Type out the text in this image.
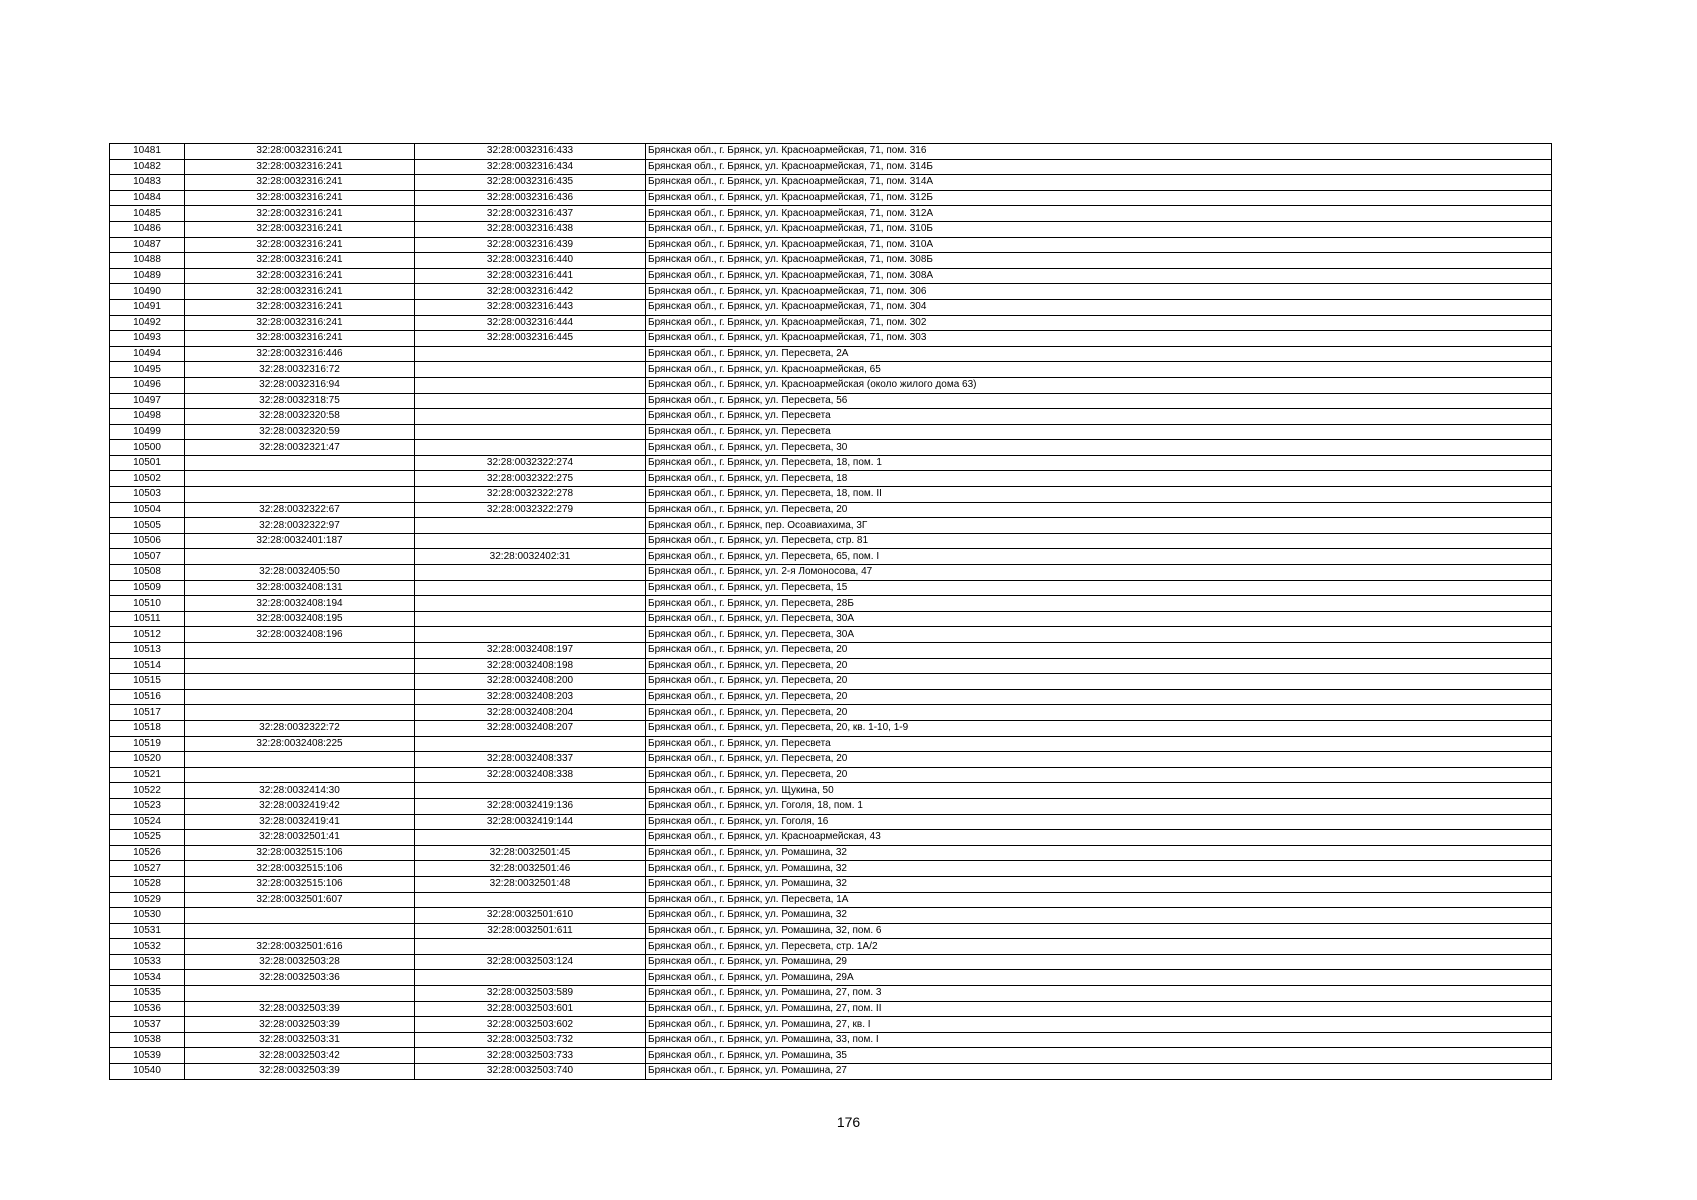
10481	32:28:0032316:241	32:28:0032316:433	Брянская обл., г. Брянск, ул. Красноармейская, 71, пом. 316
10482	32:28:0032316:241	32:28:0032316:434	Брянская обл., г. Брянск, ул. Красноармейская, 71, пом. 314Б
10483	32:28:0032316:241	32:28:0032316:435	Брянская обл., г. Брянск, ул. Красноармейская, 71, пом. 314А
10484	32:28:0032316:241	32:28:0032316:436	Брянская обл., г. Брянск, ул. Красноармейская, 71, пом. 312Б
10485	32:28:0032316:241	32:28:0032316:437	Брянская обл., г. Брянск, ул. Красноармейская, 71, пом. 312А
10486	32:28:0032316:241	32:28:0032316:438	Брянская обл., г. Брянск, ул. Красноармейская, 71, пом. 310Б
10487	32:28:0032316:241	32:28:0032316:439	Брянская обл., г. Брянск, ул. Красноармейская, 71, пом. 310А
10488	32:28:0032316:241	32:28:0032316:440	Брянская обл., г. Брянск, ул. Красноармейская, 71, пом. 308Б
10489	32:28:0032316:241	32:28:0032316:441	Брянская обл., г. Брянск, ул. Красноармейская, 71, пом. 308А
10490	32:28:0032316:241	32:28:0032316:442	Брянская обл., г. Брянск, ул. Красноармейская, 71, пом. 306
10491	32:28:0032316:241	32:28:0032316:443	Брянская обл., г. Брянск, ул. Красноармейская, 71, пом. 304
10492	32:28:0032316:241	32:28:0032316:444	Брянская обл., г. Брянск, ул. Красноармейская, 71, пом. 302
10493	32:28:0032316:241	32:28:0032316:445	Брянская обл., г. Брянск, ул. Красноармейская, 71, пом. 303
10494	32:28:0032316:446		Брянская обл., г. Брянск, ул. Пересвета, 2А
10495	32:28:0032316:72		Брянская обл., г. Брянск, ул. Красноармейская, 65
10496	32:28:0032316:94		Брянская обл., г. Брянск, ул. Красноармейская (около жилого дома 63)
10497	32:28:0032318:75		Брянская обл., г. Брянск, ул. Пересвета, 56
10498	32:28:0032320:58		Брянская обл., г. Брянск, ул. Пересвета
10499	32:28:0032320:59		Брянская обл., г. Брянск, ул. Пересвета
10500	32:28:0032321:47		Брянская обл., г. Брянск, ул. Пересвета, 30
10501		32:28:0032322:274	Брянская обл., г. Брянск, ул. Пересвета, 18, пом. 1
10502		32:28:0032322:275	Брянская обл., г. Брянск, ул. Пересвета, 18
10503		32:28:0032322:278	Брянская обл., г. Брянск, ул. Пересвета, 18, пом. II
10504	32:28:0032322:67	32:28:0032322:279	Брянская обл., г. Брянск, ул. Пересвета, 20
10505	32:28:0032322:97		Брянская обл., г. Брянск, пер. Осоавиахима, 3Г
10506	32:28:0032401:187		Брянская обл., г. Брянск, ул. Пересвета, стр. 81
10507		32:28:0032402:31	Брянская обл., г. Брянск, ул. Пересвета, 65, пом. I
10508	32:28:0032405:50		Брянская обл., г. Брянск, ул. 2-я Ломоносова, 47
10509	32:28:0032408:131		Брянская обл., г. Брянск, ул. Пересвета, 15
10510	32:28:0032408:194		Брянская обл., г. Брянск, ул. Пересвета, 28Б
10511	32:28:0032408:195		Брянская обл., г. Брянск, ул. Пересвета, 30А
10512	32:28:0032408:196		Брянская обл., г. Брянск, ул. Пересвета, 30А
10513		32:28:0032408:197	Брянская обл., г. Брянск, ул. Пересвета, 20
10514		32:28:0032408:198	Брянская обл., г. Брянск, ул. Пересвета, 20
10515		32:28:0032408:200	Брянская обл., г. Брянск, ул. Пересвета, 20
10516		32:28:0032408:203	Брянская обл., г. Брянск, ул. Пересвета, 20
10517		32:28:0032408:204	Брянская обл., г. Брянск, ул. Пересвета, 20
10518	32:28:0032322:72	32:28:0032408:207	Брянская обл., г. Брянск, ул. Пересвета, 20, кв. 1-10, 1-9
10519	32:28:0032408:225		Брянская обл., г. Брянск, ул. Пересвета
10520		32:28:0032408:337	Брянская обл., г. Брянск, ул. Пересвета, 20
10521		32:28:0032408:338	Брянская обл., г. Брянск, ул. Пересвета, 20
10522	32:28:0032414:30		Брянская обл., г. Брянск, ул. Щукина, 50
10523	32:28:0032419:42	32:28:0032419:136	Брянская обл., г. Брянск, ул. Гоголя, 18, пом. 1
10524	32:28:0032419:41	32:28:0032419:144	Брянская обл., г. Брянск, ул. Гоголя, 16
10525	32:28:0032501:41		Брянская обл., г. Брянск, ул. Красноармейская, 43
10526	32:28:0032515:106	32:28:0032501:45	Брянская обл., г. Брянск, ул. Ромашина, 32
10527	32:28:0032515:106	32:28:0032501:46	Брянская обл., г. Брянск, ул. Ромашина, 32
10528	32:28:0032515:106	32:28:0032501:48	Брянская обл., г. Брянск, ул. Ромашина, 32
10529	32:28:0032501:607		Брянская обл., г. Брянск, ул. Пересвета, 1А
10530		32:28:0032501:610	Брянская обл., г. Брянск, ул. Ромашина, 32
10531		32:28:0032501:611	Брянская обл., г. Брянск, ул. Ромашина, 32, пом. 6
10532	32:28:0032501:616		Брянская обл., г. Брянск, ул. Пересвета, стр. 1А/2
10533	32:28:0032503:28	32:28:0032503:124	Брянская обл., г. Брянск, ул. Ромашина, 29
10534	32:28:0032503:36		Брянская обл., г. Брянск, ул. Ромашина, 29А
10535		32:28:0032503:589	Брянская обл., г. Брянск, ул. Ромашина, 27, пом. 3
10536	32:28:0032503:39	32:28:0032503:601	Брянская обл., г. Брянск, ул. Ромашина, 27, пом. II
10537	32:28:0032503:39	32:28:0032503:602	Брянская обл., г. Брянск, ул. Ромашина, 27, кв. I
10538	32:28:0032503:31	32:28:0032503:732	Брянская обл., г. Брянск, ул. Ромашина, 33, пом. I
10539	32:28:0032503:42	32:28:0032503:733	Брянская обл., г. Брянск, ул. Ромашина, 35
10540	32:28:0032503:39	32:28:0032503:740	Брянская обл., г. Брянск, ул. Ромашина, 27
176
